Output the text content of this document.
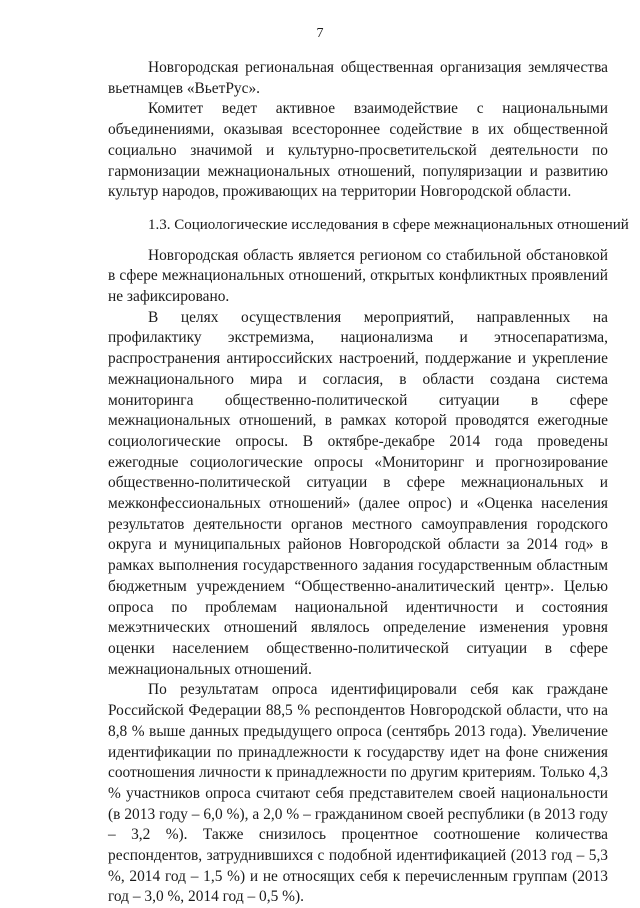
7

Новгородская региональная общественная организация землячества вьетнамцев «ВьетРус».

Комитет ведет активное взаимодействие с национальными объединениями, оказывая всестороннее содействие в их общественной социально значимой и культурно-просветительской деятельности по гармонизации межнациональных отношений, популяризации и развитию культур народов, проживающих на территории Новгородской области.

1.3. Социологические исследования в сфере межнациональных отношений

Новгородская область является регионом со стабильной обстановкой в сфере межнациональных отношений, открытых конфликтных проявлений не зафиксировано.

В целях осуществления мероприятий, направленных на профилактику экстремизма, национализма и этносепаратизма, распространения антироссийских настроений, поддержание и укрепление межнационального мира и согласия, в области создана система мониторинга общественно-политической ситуации в сфере межнациональных отношений, в рамках которой проводятся ежегодные социологические опросы. В октябре-декабре 2014 года проведены ежегодные социологические опросы «Мониторинг и прогнозирование общественно-политической ситуации в сфере межнациональных и межконфессиональных отношений» (далее опрос) и «Оценка населения результатов деятельности органов местного самоуправления городского округа и муниципальных районов Новгородской области за 2014 год» в рамках выполнения государственного задания государственным областным бюджетным учреждением “Общественно-аналитический центр». Целью опроса по проблемам национальной идентичности и состояния межэтнических отношений являлось определение изменения уровня оценки населением общественно-политической ситуации в сфере межнациональных отношений.

По результатам опроса идентифицировали себя как граждане Российской Федерации 88,5 % респондентов Новгородской области, что на 8,8 % выше данных предыдущего опроса (сентябрь 2013 года). Увеличение идентификации по принадлежности к государству идет на фоне снижения соотношения личности к принадлежности по другим критериям. Только 4,3 % участников опроса считают себя представителем своей национальности (в 2013 году – 6,0 %), а 2,0 % – гражданином своей республики (в 2013 году – 3,2 %). Также снизилось процентное соотношение количества респондентов, затруднившихся с подобной идентификацией (2013 год – 5,3 %, 2014 год – 1,5 %) и не относящих себя к перечисленным группам (2013 год – 3,0 %, 2014 год – 0,5 %).
